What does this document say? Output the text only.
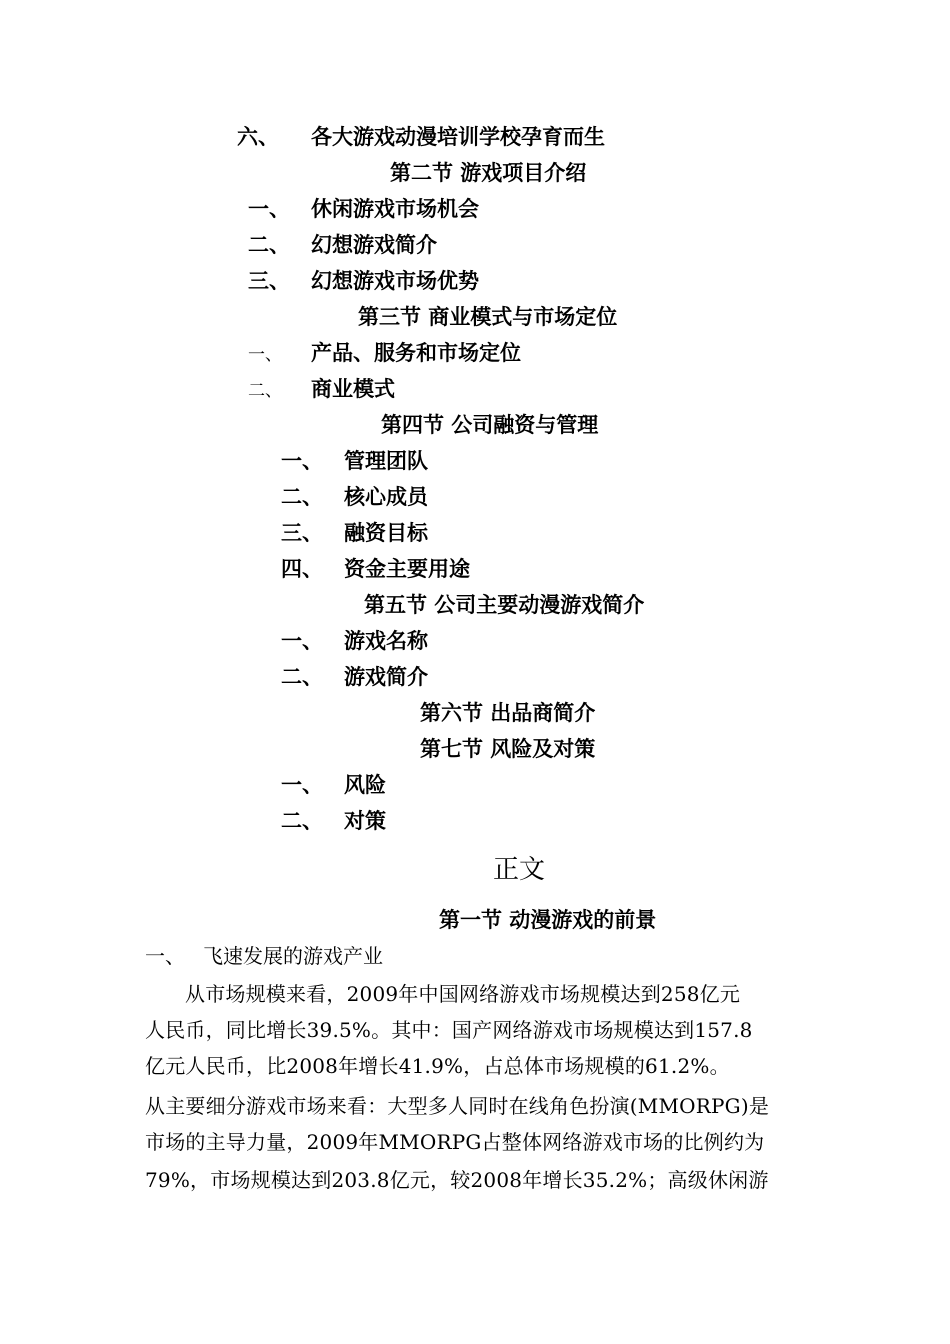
六、 各大游戏动漫培训学校孕育而生
第二节 游戏项目介绍
一、 休闲游戏市场机会
二、 幻想游戏简介
三、 幻想游戏市场优势
第三节 商业模式与市场定位
一、 产品、服务和市场定位
二、 商业模式
第四节 公司融资与管理
一、 管理团队
二、 核心成员
三、 融资目标
四、 资金主要用途
第五节 公司主要动漫游戏简介
一、 游戏名称
二、 游戏简介
第六节 出品商简介
第七节 风险及对策
一、 风险
二、 对策
正文
第一节 动漫游戏的前景
一、 飞速发展的游戏产业
从市场规模来看，2009年中国网络游戏市场规模达到258亿元
人民币，同比增长39.5%。其中：国产网络游戏市场规模达到157.8
亿元人民币，比2008年增长41.9%，占总体市场规模的61.2%。
从主要细分游戏市场来看：大型多人同时在线角色扮演(MMORPG)是
市场的主导力量，2009年MMORPG占整体网络游戏市场的比例约为
79%，市场规模达到203.8亿元，较2008年增长35.2%；高级休闲游
